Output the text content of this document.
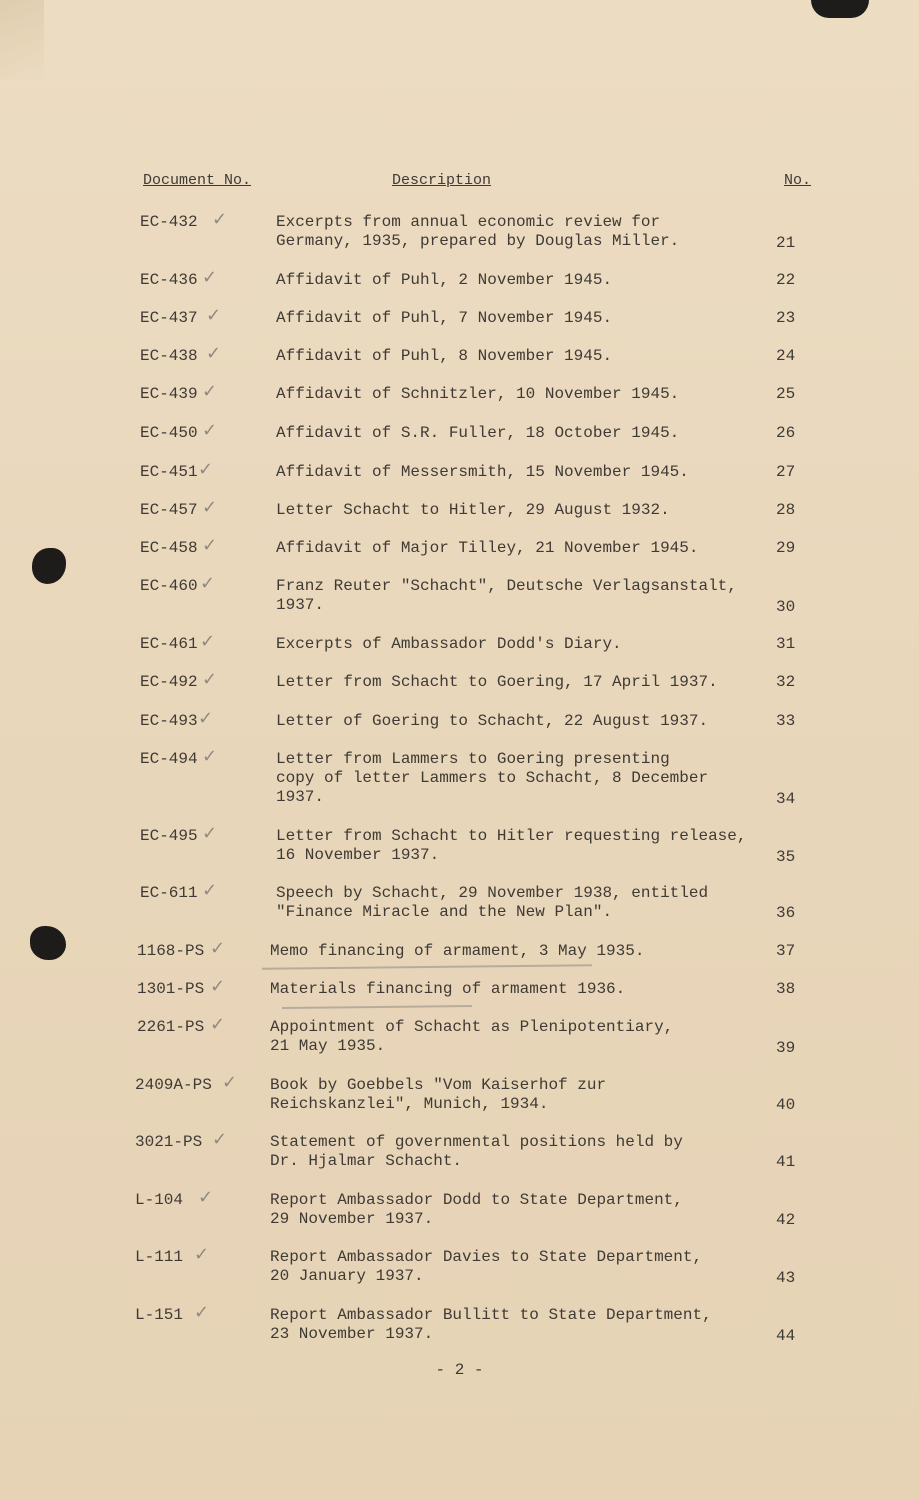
Document No.	Description	No.
EC-432 ✓	Excerpts from annual economic review for
Germany, 1935, prepared by Douglas Miller.	21
EC-436 ✓	Affidavit of Puhl, 2 November 1945.	22
EC-437 ✓	Affidavit of Puhl, 7 November 1945.	23
EC-438 ✓	Affidavit of Puhl, 8 November 1945.	24
EC-439 ✓	Affidavit of Schnitzler, 10 November 1945.	25
EC-450 ✓	Affidavit of S.R. Fuller, 18 October 1945.	26
EC-451 ✓	Affidavit of Messersmith, 15 November 1945.	27
EC-457 ✓	Letter Schacht to Hitler, 29 August 1932.	28
EC-458 ✓	Affidavit of Major Tilley, 21 November 1945.	29
EC-460 ✓	Franz Reuter "Schacht", Deutsche Verlagsanstalt,
1937.	30
EC-461 ✓	Excerpts of Ambassador Dodd's Diary.	31
EC-492 ✓	Letter from Schacht to Goering, 17 April 1937.	32
EC-493 ✓	Letter of Goering to Schacht, 22 August 1937.	33
EC-494 ✓	Letter from Lammers to Goering presenting
copy of letter Lammers to Schacht, 8 December
1937.	34
EC-495 ✓	Letter from Schacht to Hitler requesting release,
16 November 1937.	35
EC-611 ✓	Speech by Schacht, 29 November 1938, entitled
"Finance Miracle and the New Plan".	36
1168-PS ✓	Memo financing of armament, 3 May 1935.	37
1301-PS ✓	Materials financing of armament 1936.	38
2261-PS ✓	Appointment of Schacht as Plenipotentiary,
21 May 1935.	39
2409A-PS ✓ Book by Goebbels "Vom Kaiserhof zur
Reichskanzlei", Munich, 1934.	40
3021-PS ✓	Statement of governmental positions held by
Dr. Hjalmar Schacht.	41
L-104 ✓	Report Ambassador Dodd to State Department,
29 November 1937.	42
L-111 ✓	Report Ambassador Davies to State Department,
20 January 1937.	43
L-151 ✓	Report Ambassador Bullitt to State Department,
23 November 1937.	44
- 2 -
